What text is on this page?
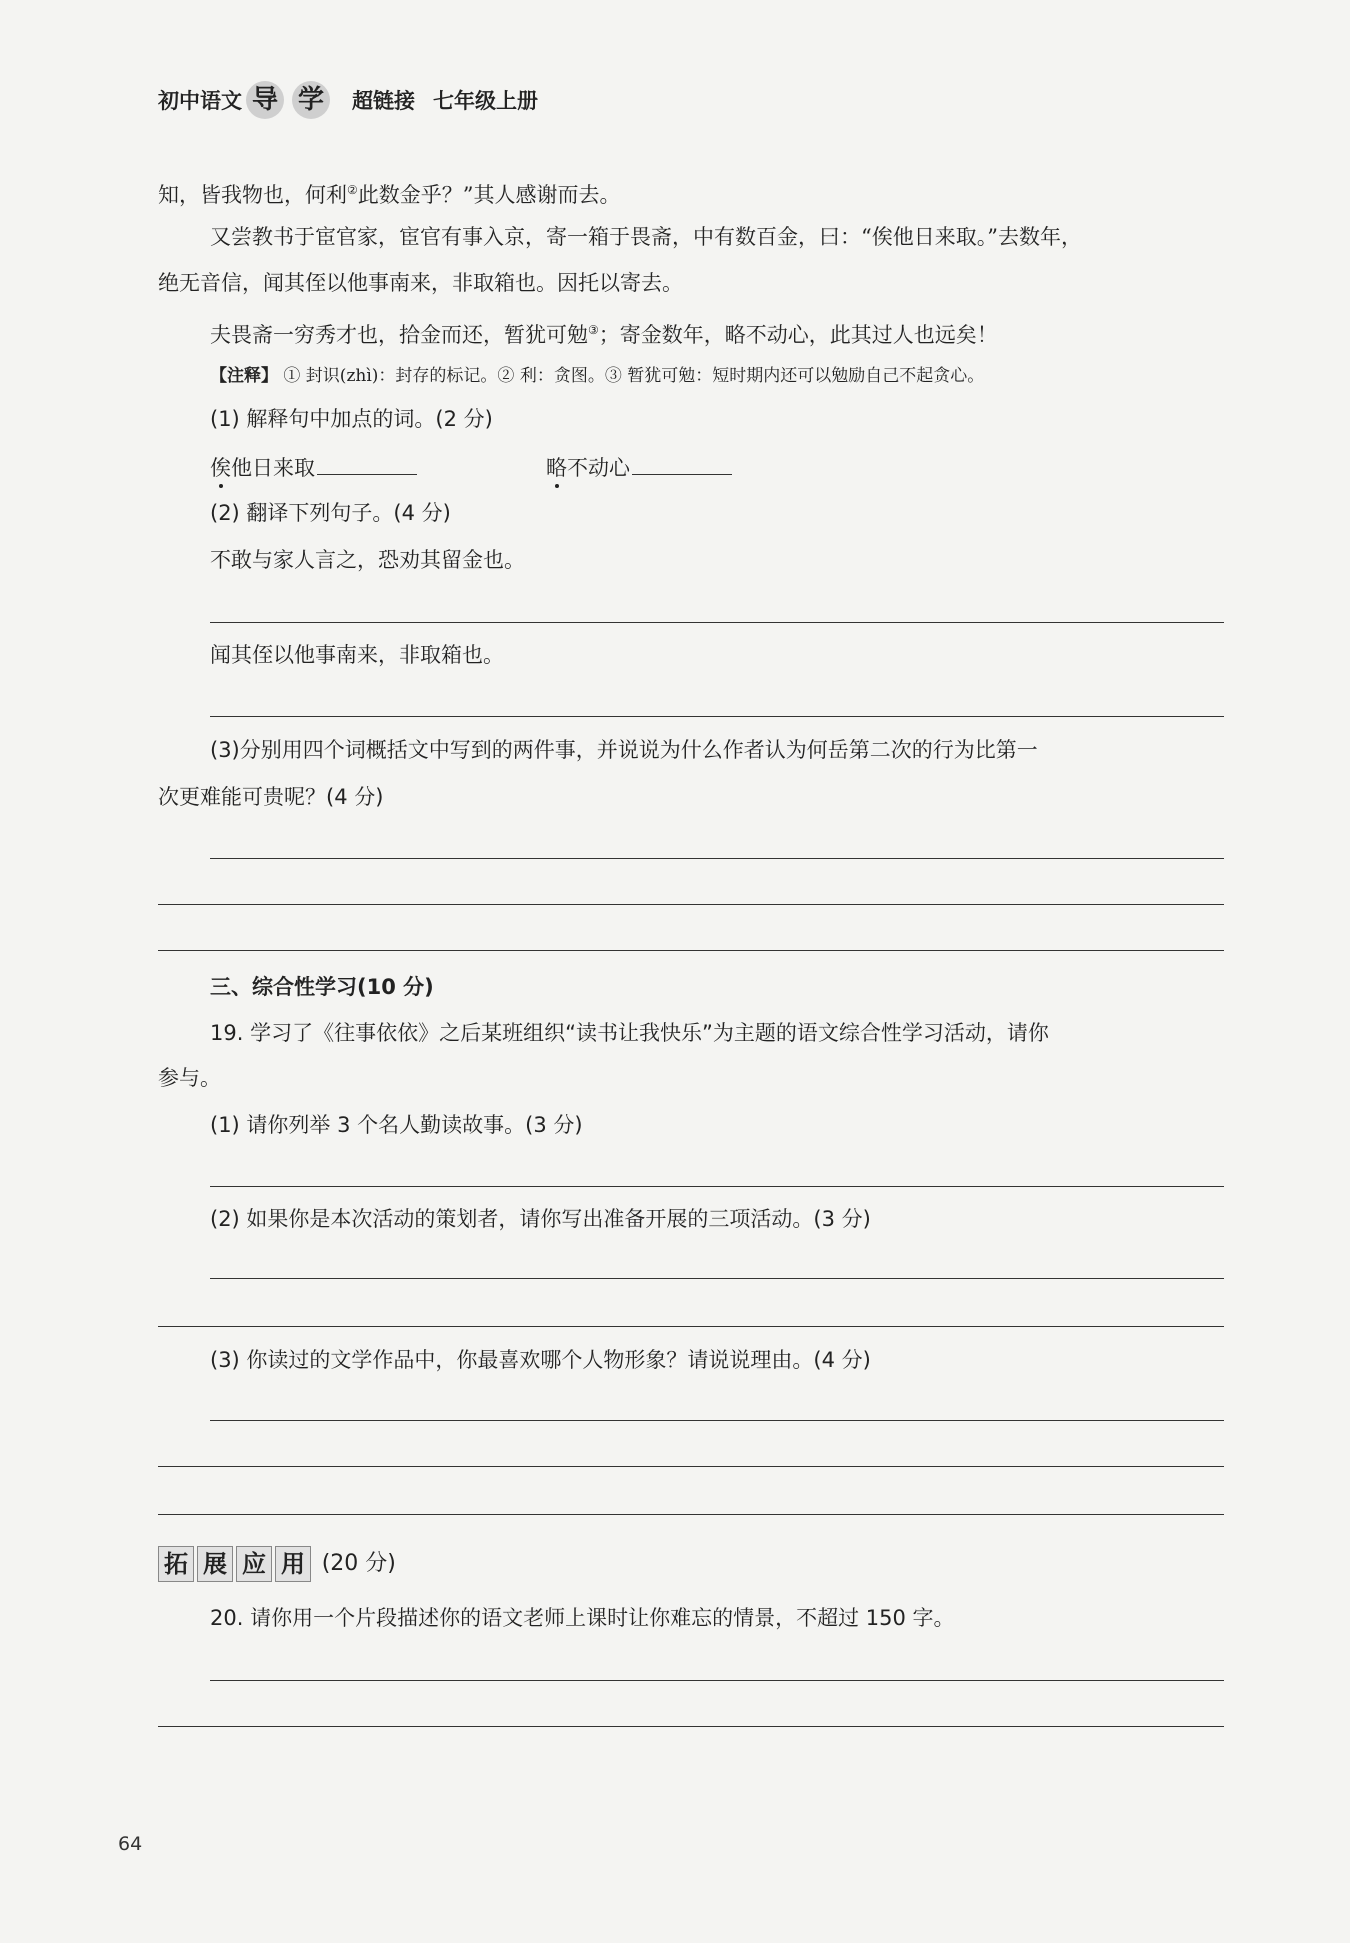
初中语文 导 学 超链接 七年级上册
知，皆我物也，何利②此数金乎？”其人感谢而去。
又尝教书于宦官家，宦官有事入京，寄一箱于畏斋，中有数百金，曰：“俟他日来取。”去数年，
绝无音信，闻其侄以他事南来，非取箱也。因托以寄去。
夫畏斋一穷秀才也，拾金而还，暂犹可勉③；寄金数年，略不动心，此其过人也远矣！
【注释】 ① 封识(zhì)：封存的标记。② 利：贪图。③ 暂犹可勉：短时期内还可以勉励自己不起贪心。
(1) 解释句中加点的词。(2 分)
俟他日来取	略不动心
(2) 翻译下列句子。(4 分)
不敢与家人言之，恐劝其留金也。
闻其侄以他事南来，非取箱也。
(3)分别用四个词概括文中写到的两件事，并说说为什么作者认为何岳第二次的行为比第一
次更难能可贵呢？(4 分)
三、综合性学习(10 分)
19. 学习了《往事依依》之后某班组织“读书让我快乐”为主题的语文综合性学习活动，请你
参与。
(1) 请你列举 3 个名人勤读故事。(3 分)
(2) 如果你是本次活动的策划者，请你写出准备开展的三项活动。(3 分)
(3) 你读过的文学作品中，你最喜欢哪个人物形象？请说说理由。(4 分)
拓 展 应 用 (20 分)
20. 请你用一个片段描述你的语文老师上课时让你难忘的情景，不超过 150 字。
64
